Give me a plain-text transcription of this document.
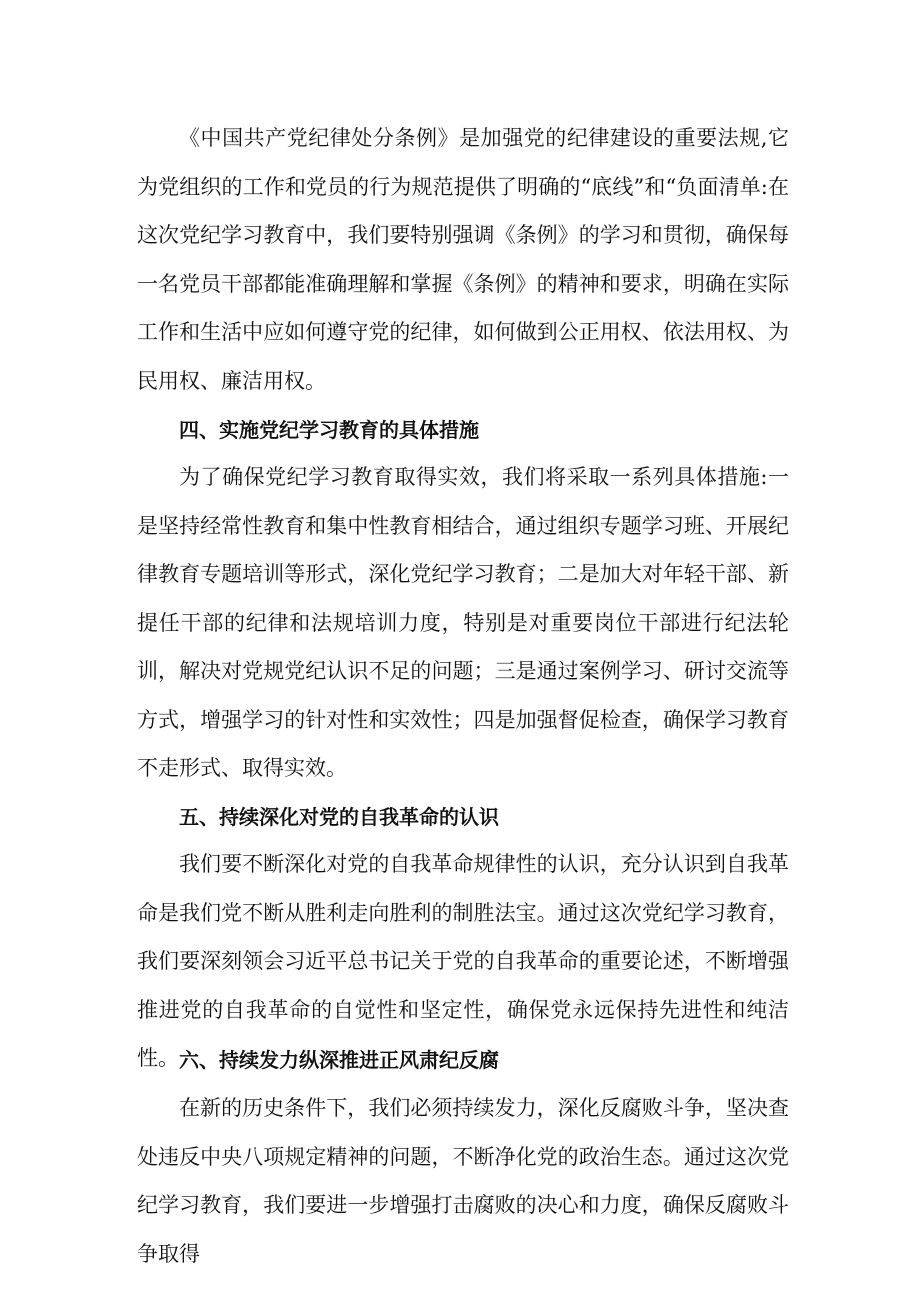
《中国共产党纪律处分条例》是加强党的纪律建设的重要法规,它为党组织的工作和党员的行为规范提供了明确的“底线”和“负面清单:在这次党纪学习教育中，我们要特别强调《条例》的学习和贯彻，确保每一名党员干部都能准确理解和掌握《条例》的精神和要求，明确在实际工作和生活中应如何遵守党的纪律，如何做到公正用权、依法用权、为民用权、廉洁用权。

四、实施党纪学习教育的具体措施

为了确保党纪学习教育取得实效，我们将采取一系列具体措施:一是坚持经常性教育和集中性教育相结合，通过组织专题学习班、开展纪律教育专题培训等形式，深化党纪学习教育；二是加大对年轻干部、新提任干部的纪律和法规培训力度，特别是对重要岗位干部进行纪法轮训，解决对党规党纪认识不足的问题；三是通过案例学习、研讨交流等方式，增强学习的针对性和实效性；四是加强督促检查，确保学习教育不走形式、取得实效。

五、持续深化对党的自我革命的认识

我们要不断深化对党的自我革命规律性的认识，充分认识到自我革命是我们党不断从胜利走向胜利的制胜法宝。通过这次党纪学习教育，我们要深刻领会习近平总书记关于党的自我革命的重要论述，不断增强推进党的自我革命的自觉性和坚定性，确保党永远保持先进性和纯洁性。 六、持续发力纵深推进正风肃纪反腐

在新的历史条件下，我们必须持续发力，深化反腐败斗争，坚决查处违反中央八项规定精神的问题，不断净化党的政治生态。通过这次党纪学习教育，我们要进一步增强打击腐败的决心和力度，确保反腐败斗争取得
